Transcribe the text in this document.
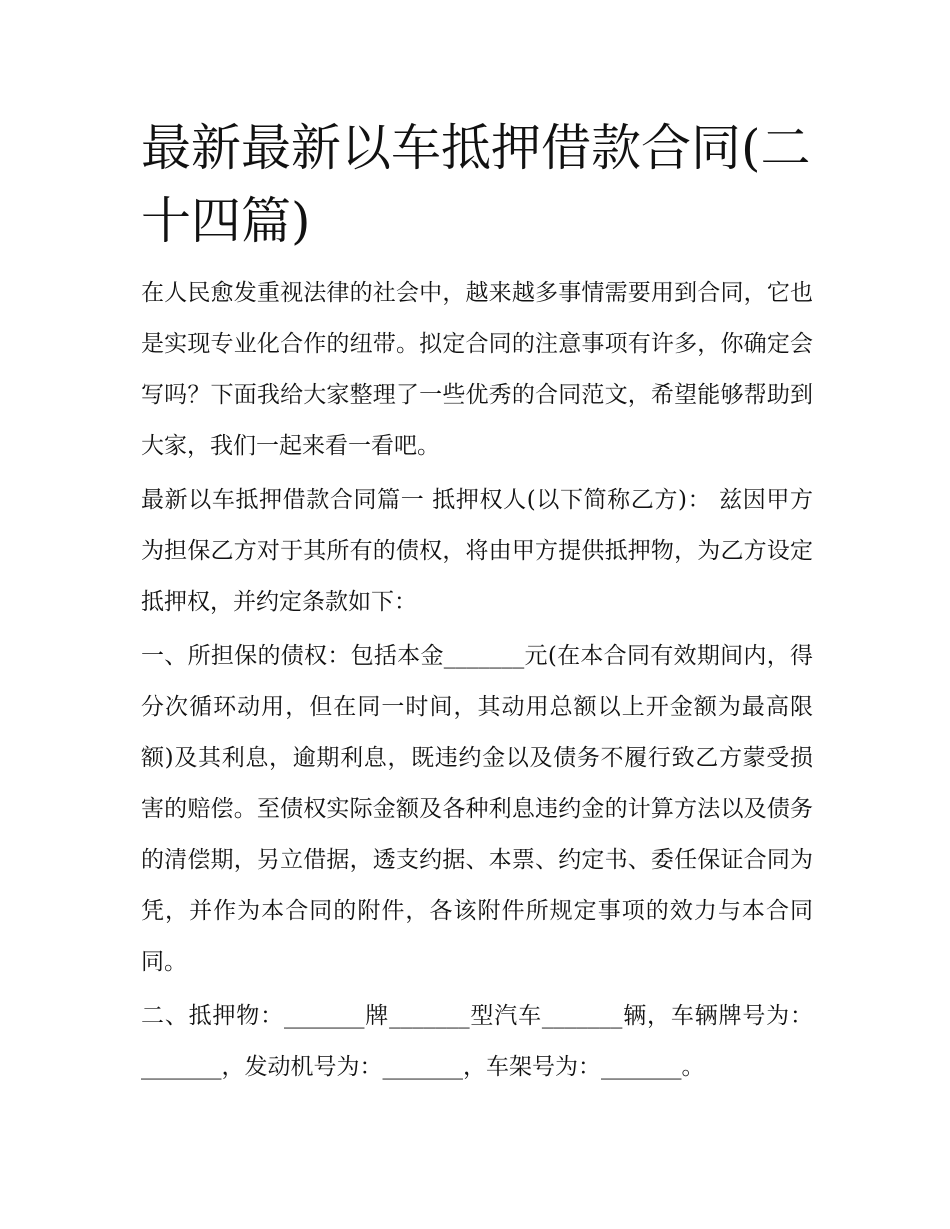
最新最新以车抵押借款合同(二十四篇)

在人民愈发重视法律的社会中，越来越多事情需要用到合同，它也是实现专业化合作的纽带。拟定合同的注意事项有许多，你确定会写吗？下面我给大家整理了一些优秀的合同范文，希望能够帮助到大家，我们一起来看一看吧。

最新以车抵押借款合同篇一 抵押权人(以下简称乙方)： 兹因甲方为担保乙方对于其所有的债权，将由甲方提供抵押物，为乙方设定抵押权，并约定条款如下：

一、所担保的债权：包括本金_______元(在本合同有效期间内，得分次循环动用，但在同一时间，其动用总额以上开金额为最高限额)及其利息，逾期利息，既违约金以及债务不履行致乙方蒙受损害的赔偿。至债权实际金额及各种利息违约金的计算方法以及债务的清偿期，另立借据，透支约据、本票、约定书、委任保证合同为凭，并作为本合同的附件，各该附件所规定事项的效力与本合同同。

二、抵押物：_______牌_______型汽车_______辆，车辆牌号为：_______，发动机号为：_______，车架号为：_______。
